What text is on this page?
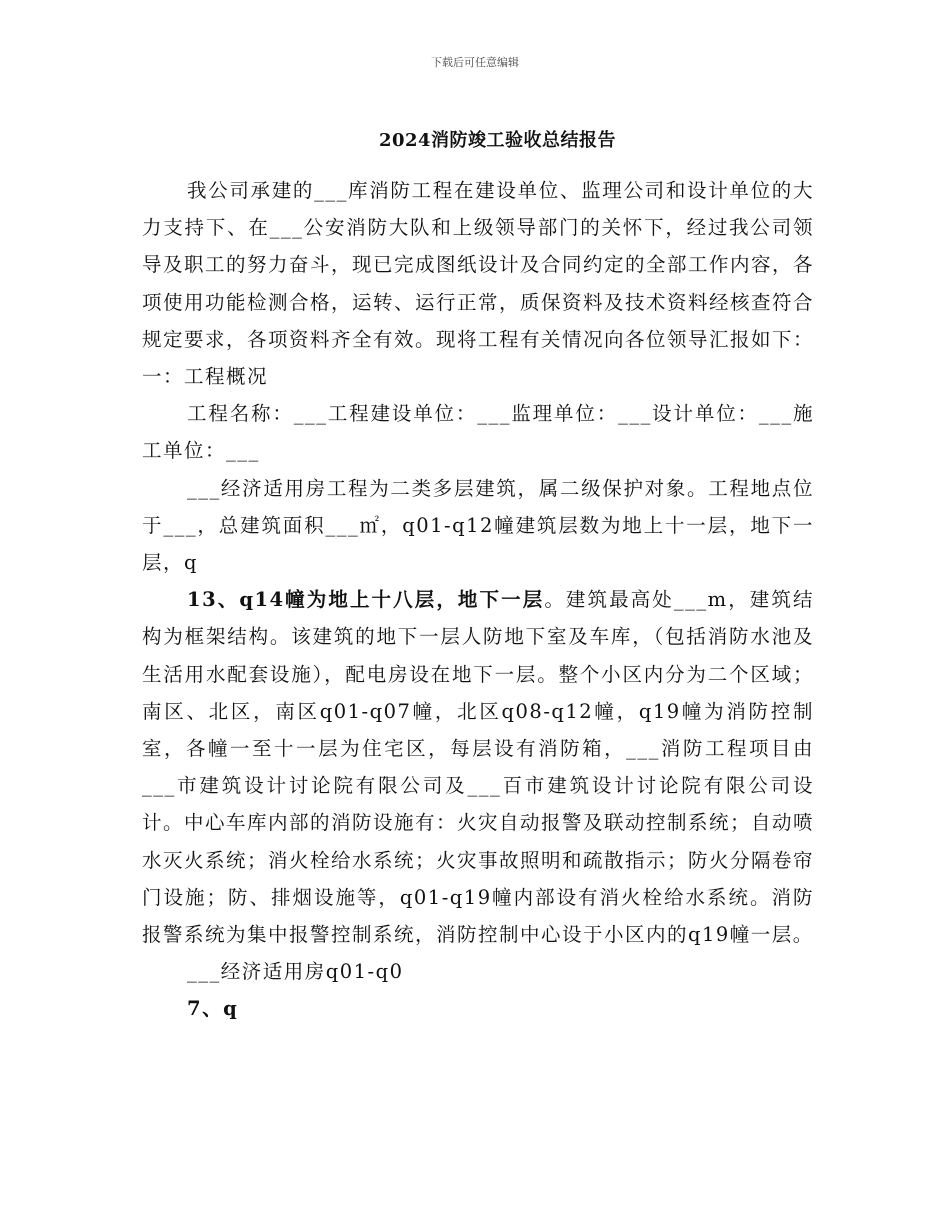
下载后可任意编辑
2024消防竣工验收总结报告

我公司承建的___库消防工程在建设单位、监理公司和设计单位的大力支持下、在___公安消防大队和上级领导部门的关怀下，经过我公司领导及职工的努力奋斗，现已完成图纸设计及合同约定的全部工作内容，各项使用功能检测合格，运转、运行正常，质保资料及技术资料经核查符合规定要求，各项资料齐全有效。现将工程有关情况向各位领导汇报如下：一：工程概况

工程名称：___工程建设单位：___监理单位：___设计单位：___施工单位：___

___经济适用房工程为二类多层建筑，属二级保护对象。工程地点位于___，总建筑面积___㎡，q01-q12幢建筑层数为地上十一层，地下一层，q

13、q14幢为地上十八层，地下一层。建筑最高处___m，建筑结构为框架结构。该建筑的地下一层人防地下室及车库，（包括消防水池及生活用水配套设施），配电房设在地下一层。整个小区内分为二个区域；南区、北区，南区q01-q07幢，北区q08-q12幢，q19幢为消防控制室，各幢一至十一层为住宅区，每层设有消防箱，___消防工程项目由___市建筑设计讨论院有限公司及___百市建筑设计讨论院有限公司设计。中心车库内部的消防设施有：火灾自动报警及联动控制系统；自动喷水灭火系统；消火栓给水系统；火灾事故照明和疏散指示；防火分隔卷帘门设施；防、排烟设施等，q01-q19幢内部设有消火栓给水系统。消防报警系统为集中报警控制系统，消防控制中心设于小区内的q19幢一层。

___经济适用房q01-q0

7、q
